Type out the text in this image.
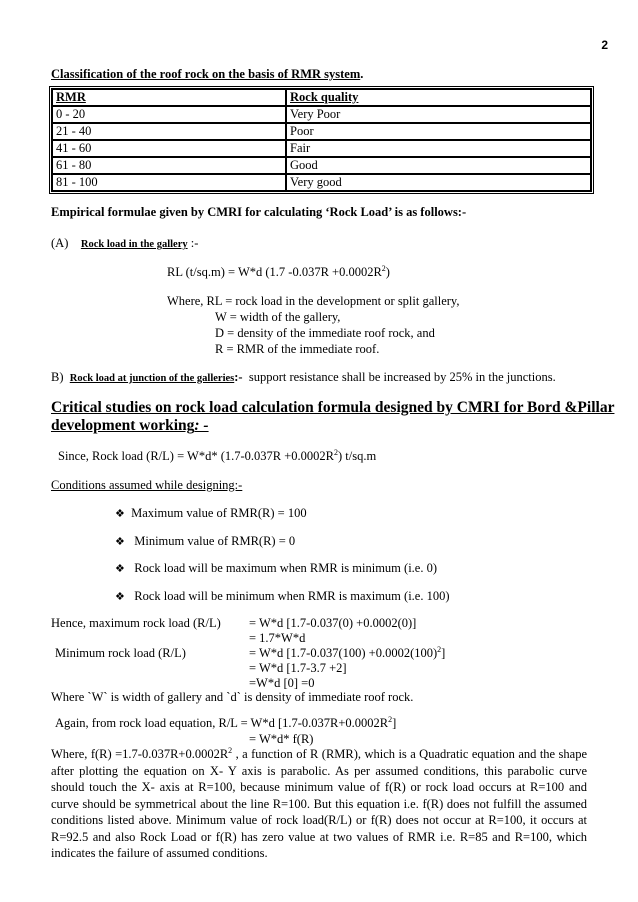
2
Classification of the roof rock on the basis of RMR system.
RMR	Rock quality
0 - 20	Very Poor
21 - 40	Poor
41 - 60	Fair
61 - 80	Good
81 - 100	Very good
Empirical formulae given by CMRI for calculating ‘Rock Load’ is as follows:-
(A) Rock load in the gallery :-
RL (t/sq.m) = W*d (1.7 $-0.037R +0.0002R^2$)
Where, RL = rock load in the development or split gallery,
W = width of the gallery,
D = density of the immediate roof rock, and
R = RMR of the immediate roof.
B) Rock load at junction of the galleries:- support resistance shall be increased by 25% in the junctions.
Critical studies on rock load calculation formula designed by CMRI for Bord &Pillar
development working: -
Since, Rock load (R/L) = W*d* $(1.7-0.037R +0.0002R^2)$ t/sq.m
Conditions assumed while designing:-
❖ Maximum value of RMR(R) = 100
❖ Minimum value of RMR(R) = 0
❖ Rock load will be maximum when RMR is minimum (i.e. 0)
❖ Rock load will be minimum when RMR is maximum (i.e. 100)
Hence, maximum rock load (R/L) = W*d [1.7-0.037(0) +0.0002(0)]
= 1.7*W*d
Minimum rock load (R/L)	= W*d $[1.7-0.037(100) +0.0002(100)^2]$
= W*d [1.7-3.7 +2]
=W*d [0] =0
Where `W` is width of gallery and `d` is density of immediate roof rock.
Again, from rock load equation, R/L = W*d $[1.7-0.037R+0.0002R^2]$
= W*d* f(R)
Where, $f(R) =1.7-0.037R+0.0002R^2$ , a function of R (RMR), which is a Quadratic equation and the shape after plotting the equation on X- Y axis is parabolic. As per assumed conditions, this parabolic curve should touch the X- axis at R=100, because minimum value of f(R) or rock load occurs at R=100 and curve should be symmetrical about the line R=100. But this equation i.e. f(R) does not fulfill the assumed conditions listed above. Minimum value of rock load(R/L) or f(R) does not occur at R=100, it occurs at R=92.5 and also Rock Load or f(R) has zero value at two values of RMR i.e. R=85 and R=100, which indicates the failure of assumed conditions.
